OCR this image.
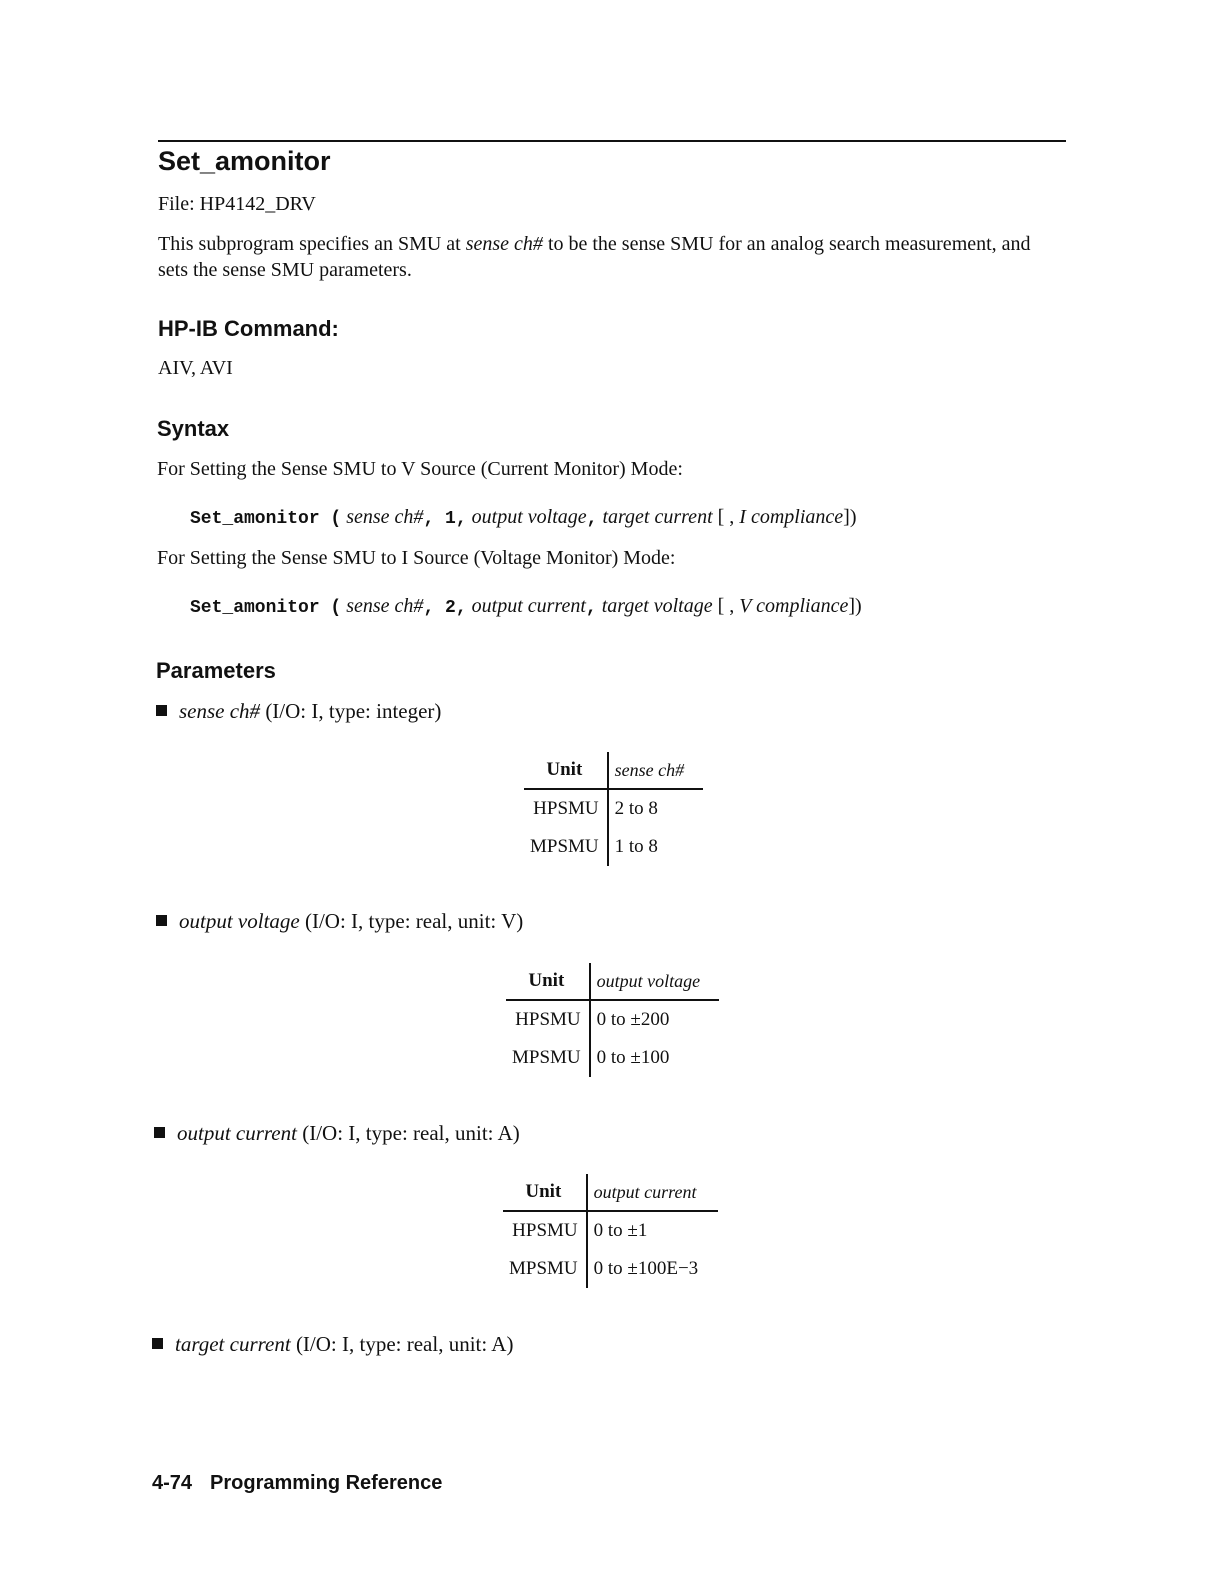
Set_amonitor
File: HP4142_DRV
This subprogram specifies an SMU at sense ch# to be the sense SMU for an analog search measurement, and sets the sense SMU parameters.
HP-IB Command:
AIV, AVI
Syntax
For Setting the Sense SMU to V Source (Current Monitor) Mode:
Set_amonitor ( sense ch#, 1, output voltage, target current [ , I compliance])
For Setting the Sense SMU to I Source (Voltage Monitor) Mode:
Set_amonitor ( sense ch#, 2, output current, target voltage [ , V compliance])
Parameters
sense ch# (I/O: I, type: integer)
Unit	sense ch#
HPSMU	2 to 8
MPSMU	1 to 8
output voltage (I/O: I, type: real, unit: V)
Unit	output voltage
HPSMU	0 to ±200
MPSMU	0 to ±100
output current (I/O: I, type: real, unit: A)
Unit	output current
HPSMU	0 to ±1
MPSMU	0 to ±100E−3
target current (I/O: I, type: real, unit: A)
4-74 Programming Reference
